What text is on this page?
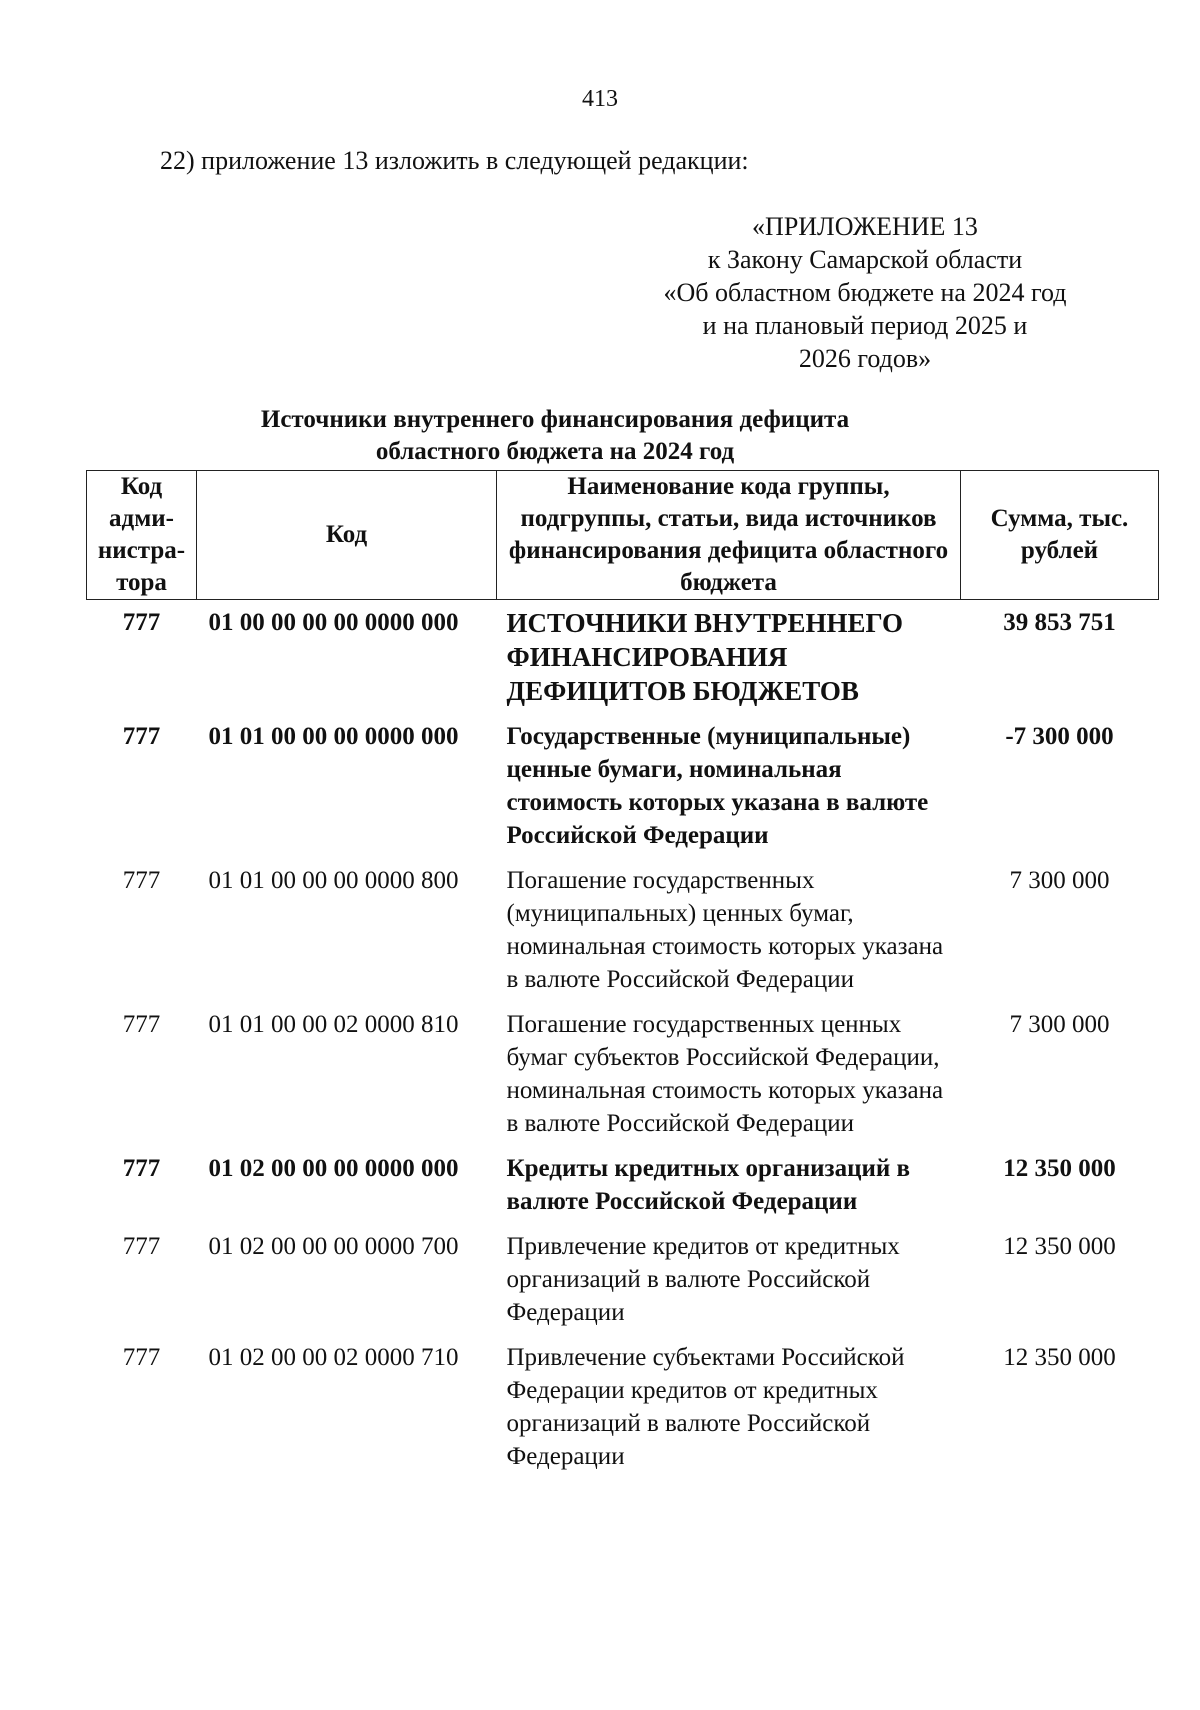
413
22) приложение 13 изложить в следующей редакции:
«ПРИЛОЖЕНИЕ 13
к Закону Самарской области
«Об областном бюджете на 2024 год
и на плановый период 2025 и
2026 годов»
Источники внутреннего финансирования дефицита
областного бюджета на 2024 год
Код адми-нистра-тора	Код	Наименование кода группы, подгруппы, статьи, вида источников финансирования дефицита областного бюджета	Сумма, тыс. рублей
777	01 00 00 00 00 0000 000	ИСТОЧНИКИ ВНУТРЕННЕГО ФИНАНСИРОВАНИЯ ДЕФИЦИТОВ БЮДЖЕТОВ	39 853 751
777	01 01 00 00 00 0000 000	Государственные (муниципальные) ценные бумаги, номинальная стоимость которых указана в валюте Российской Федерации	-7 300 000
777	01 01 00 00 00 0000 800	Погашение государственных (муниципальных) ценных бумаг, номинальная стоимость которых указана в валюте Российской Федерации	7 300 000
777	01 01 00 00 02 0000 810	Погашение государственных ценных бумаг субъектов Российской Федерации, номинальная стоимость которых указана в валюте Российской Федерации	7 300 000
777	01 02 00 00 00 0000 000	Кредиты кредитных организаций в валюте Российской Федерации	12 350 000
777	01 02 00 00 00 0000 700	Привлечение кредитов от кредитных организаций в валюте Российской Федерации	12 350 000
777	01 02 00 00 02 0000 710	Привлечение субъектами Российской Федерации кредитов от кредитных организаций в валюте Российской Федерации	12 350 000
